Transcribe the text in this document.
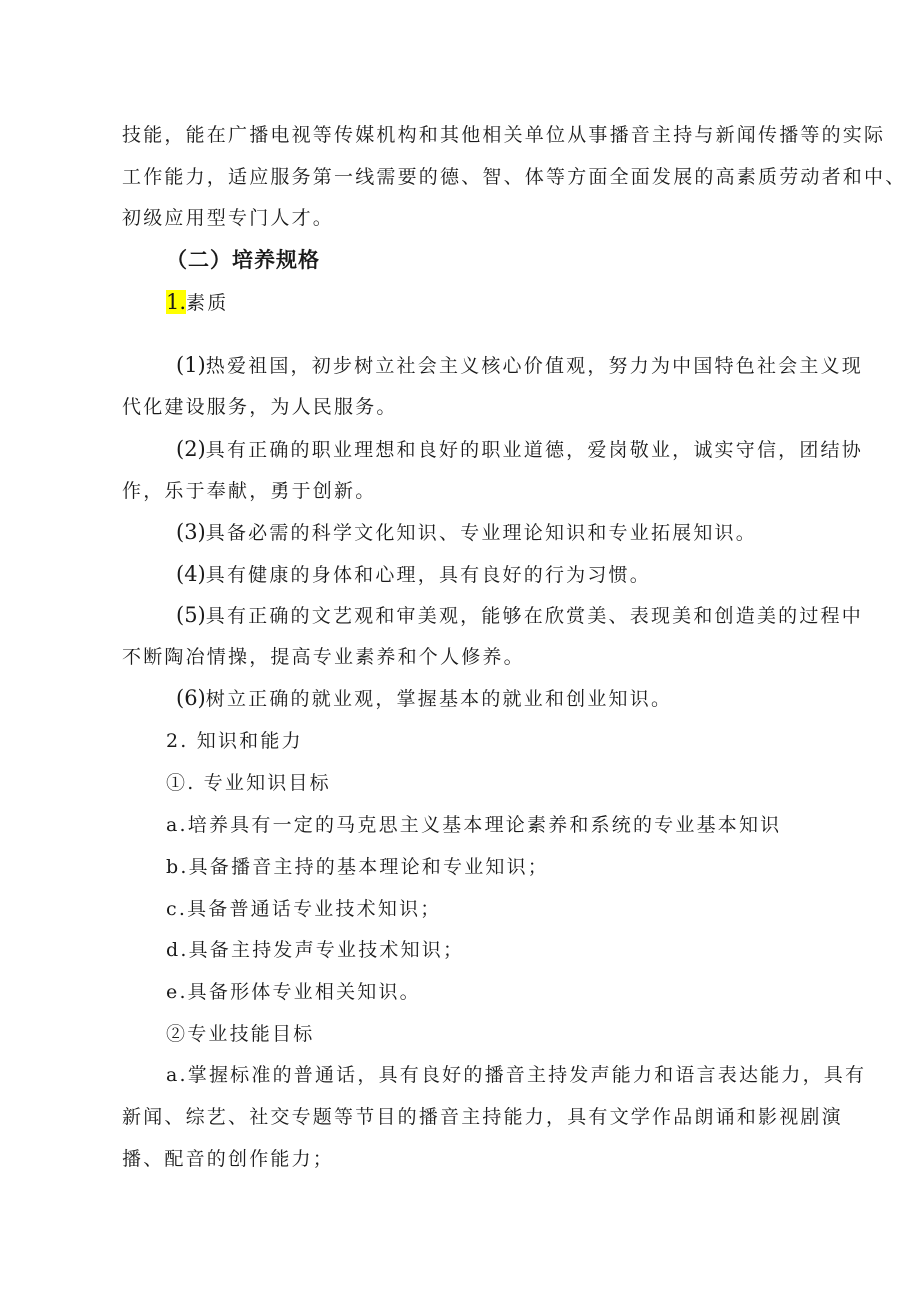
技能，能在广播电视等传媒机构和其他相关单位从事播音主持与新闻传播等的实际
工作能力，适应服务第一线需要的德、智、体等方面全面发展的高素质劳动者和中、
初级应用型专门人才。
（二）培养规格
1.素质
(1)热爱祖国，初步树立社会主义核心价值观，努力为中国特色社会主义现
代化建设服务，为人民服务。
(2)具有正确的职业理想和良好的职业道德，爱岗敬业，诚实守信，团结协
作，乐于奉献，勇于创新。
(3)具备必需的科学文化知识、专业理论知识和专业拓展知识。
(4)具有健康的身体和心理，具有良好的行为习惯。
(5)具有正确的文艺观和审美观，能够在欣赏美、表现美和创造美的过程中
不断陶冶情操，提高专业素养和个人修养。
(6)树立正确的就业观，掌握基本的就业和创业知识。
2. 知识和能力
①. 专业知识目标
a.培养具有一定的马克思主义基本理论素养和系统的专业基本知识
b.具备播音主持的基本理论和专业知识；
c.具备普通话专业技术知识；
d.具备主持发声专业技术知识；
e.具备形体专业相关知识。
②专业技能目标
a.掌握标准的普通话，具有良好的播音主持发声能力和语言表达能力，具有
新闻、综艺、社交专题等节目的播音主持能力，具有文学作品朗诵和影视剧演
播、配音的创作能力；
